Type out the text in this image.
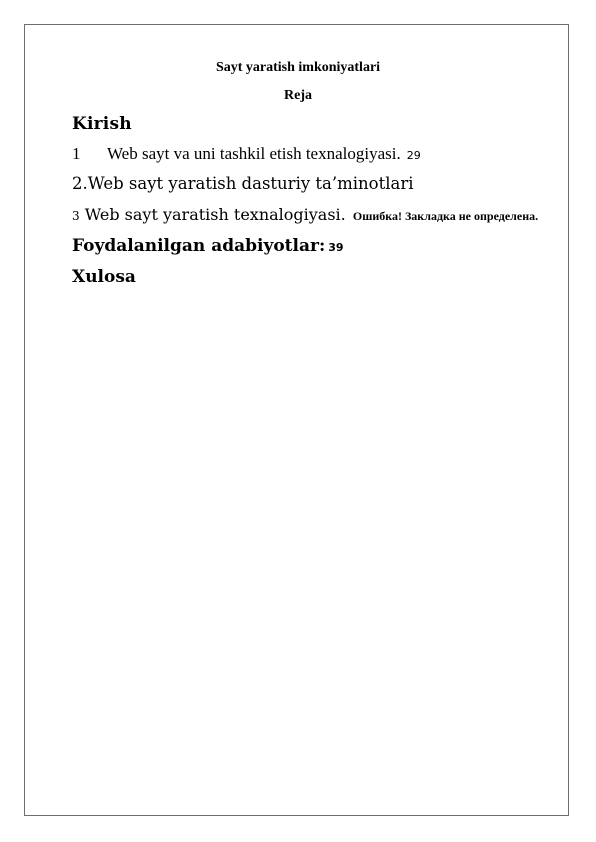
Sayt yaratish imkoniyatlari
Reja
Kirish
1 Web sayt va uni tashkil etish texnalogiyasi. 29
2.Web sayt yaratish dasturiy ta’minotlari
3 Web sayt yaratish texnalogiyasi. Ошибка! Закладка не определена.
Foydalanilgan adabiyotlar: 39
Xulosa
